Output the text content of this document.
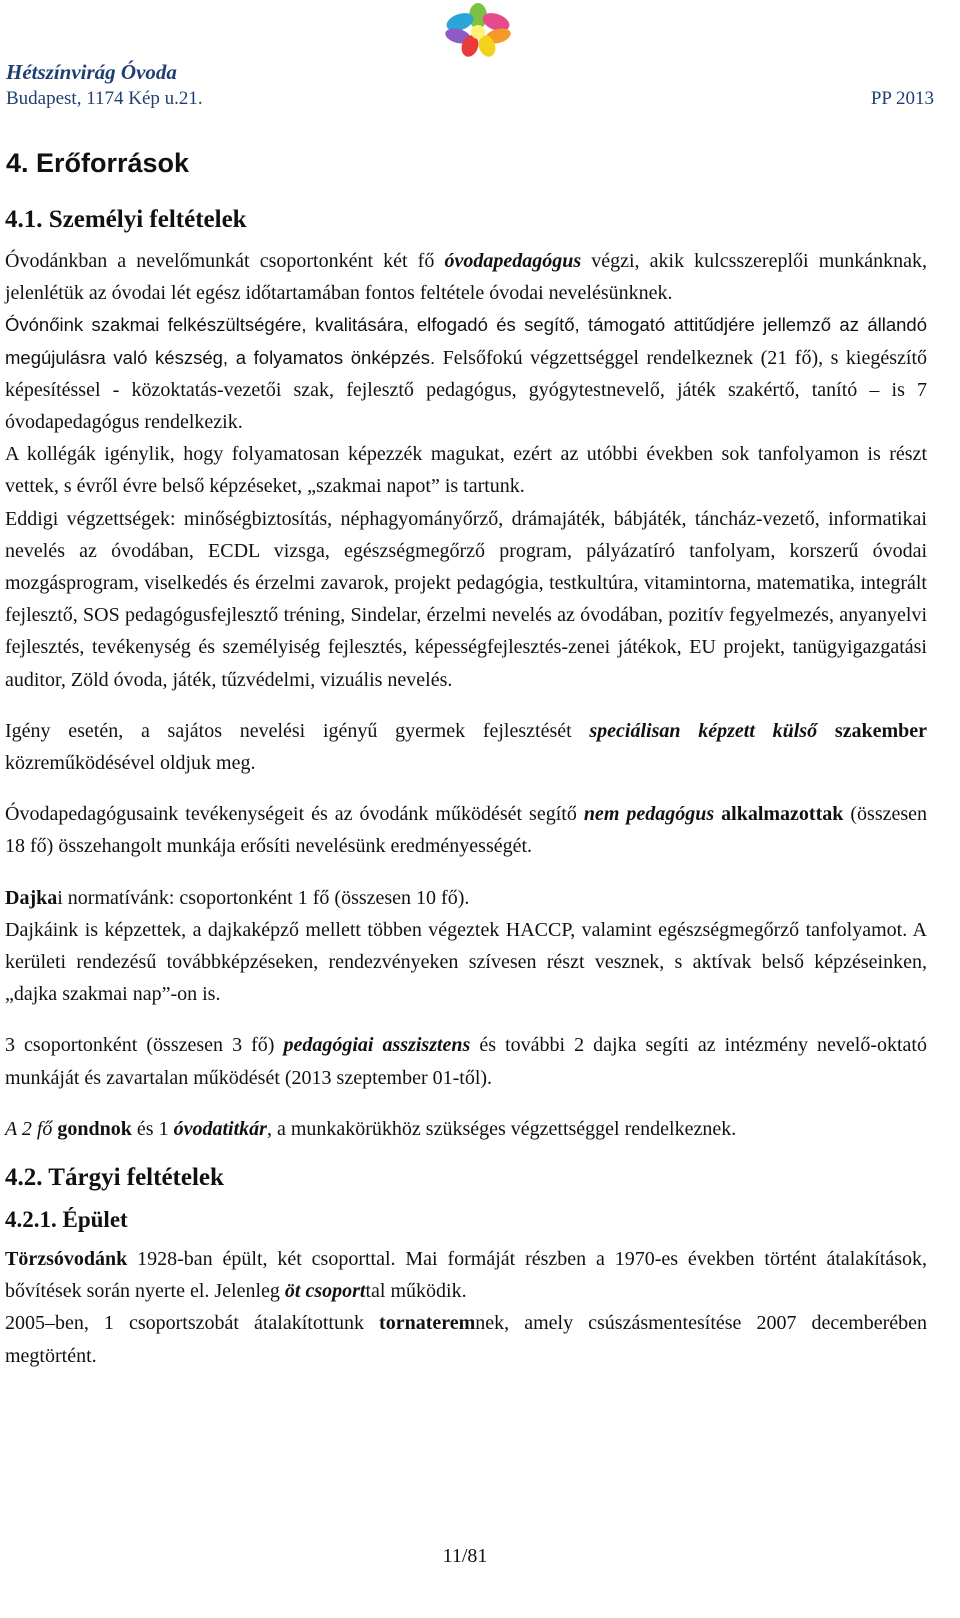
Hétszínvirág Óvoda
Budapest, 1174 Kép u.21.	PP 2013
4. Erőforrások
4.1. Személyi feltételek

Óvodánkban a nevelőmunkát csoportonként két fő óvodapedagógus végzi, akik kulcsszereplői munkánknak, jelenlétük az óvodai lét egész időtartamában fontos feltétele óvodai nevelésünknek.

Óvónőink szakmai felkészültségére, kvalitására, elfogadó és segítő, támogató attitűdjére jellemző az állandó megújulásra való készség, a folyamatos önképzés. Felsőfokú végzettséggel rendelkeznek (21 fő), s kiegészítő képesítéssel - közoktatás-vezetői szak, fejlesztő pedagógus, gyógytestnevelő, játék szakértő, tanító – is 7 óvodapedagógus rendelkezik.

A kollégák igénylik, hogy folyamatosan képezzék magukat, ezért az utóbbi években sok tanfolyamon is részt vettek, s évről évre belső képzéseket, „szakmai napot” is tartunk.

Eddigi végzettségek: minőségbiztosítás, néphagyományőrző, drámajáték, bábjáték, táncház-vezető, informatikai nevelés az óvodában, ECDL vizsga, egészségmegőrző program, pályázatíró tanfolyam, korszerű óvodai mozgásprogram, viselkedés és érzelmi zavarok, projekt pedagógia, testkultúra, vitamintorna, matematika, integrált fejlesztő, SOS pedagógusfejlesztő tréning, Sindelar, érzelmi nevelés az óvodában, pozitív fegyelmezés, anyanyelvi fejlesztés, tevékenység és személyiség fejlesztés, képességfejlesztés-zenei játékok, EU projekt, tanügyigazgatási auditor, Zöld óvoda, játék, tűzvédelmi, vizuális nevelés.

Igény esetén, a sajátos nevelési igényű gyermek fejlesztését speciálisan képzett külső szakember közreműködésével oldjuk meg.

Óvodapedagógusaink tevékenységeit és az óvodánk működését segítő nem pedagógus alkalmazottak (összesen 18 fő) összehangolt munkája erősíti nevelésünk eredményességét.

Dajkai normatívánk: csoportonként 1 fő (összesen 10 fő).

Dajkáink is képzettek, a dajkaképző mellett többen végeztek HACCP, valamint egészségmegőrző tanfolyamot. A kerületi rendezésű továbbképzéseken, rendezvényeken szívesen részt vesznek, s aktívak belső képzéseinken, „dajka szakmai nap”-on is.

3 csoportonként (összesen 3 fő) pedagógiai asszisztens és további 2 dajka segíti az intézmény nevelő-oktató munkáját és zavartalan működését (2013 szeptember 01-től).

A 2 fő gondnok és 1 óvodatitkár, a munkakörükhöz szükséges végzettséggel rendelkeznek.

4.2. Tárgyi feltételek
4.2.1. Épület

Törzsóvodánk 1928-ban épült, két csoporttal. Mai formáját részben a 1970-es években történt átalakítások, bővítések során nyerte el. Jelenleg öt csoporttal működik.

2005–ben, 1 csoportszobát átalakítottunk tornateremnek, amely csúszásmentesítése 2007 decemberében megtörtént.

11/81
